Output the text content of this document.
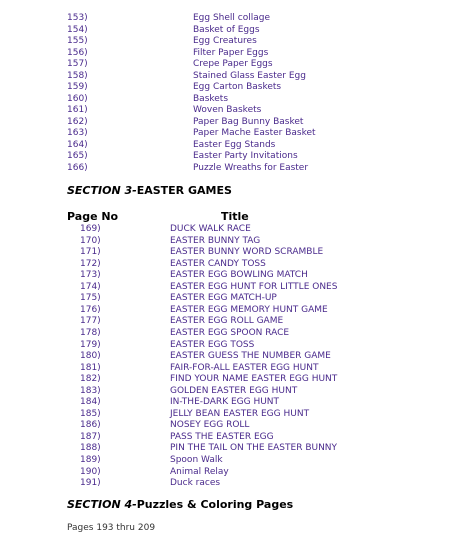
153)	Egg Shell collage
154)	Basket of Eggs
155)	Egg Creatures
156)	Filter Paper Eggs
157)	Crepe Paper Eggs
158)	Stained Glass Easter Egg
159)	Egg Carton Baskets
160)	Baskets
161)	Woven Baskets
162)	Paper Bag Bunny Basket
163)	Paper Mache Easter Basket
164)	Easter Egg Stands
165)	Easter Party Invitations
166)	Puzzle Wreaths for Easter
SECTION 3-EASTER GAMES
Page No	Title
169)	DUCK WALK RACE
170)	EASTER BUNNY TAG
171)	EASTER BUNNY WORD SCRAMBLE
172)	EASTER CANDY TOSS
173)	EASTER EGG BOWLING MATCH
174)	EASTER EGG HUNT FOR LITTLE ONES
175)	EASTER EGG MATCH-UP
176)	EASTER EGG MEMORY HUNT GAME
177)	EASTER EGG ROLL GAME
178)	EASTER EGG SPOON RACE
179)	EASTER EGG TOSS
180)	EASTER GUESS THE NUMBER GAME
181)	FAIR-FOR-ALL EASTER EGG HUNT
182)	FIND YOUR NAME EASTER EGG HUNT
183)	GOLDEN EASTER EGG HUNT
184)	IN-THE-DARK EGG HUNT
185)	JELLY BEAN EASTER EGG HUNT
186)	NOSEY EGG ROLL
187)	PASS THE EASTER EGG
188)	PIN THE TAIL ON THE EASTER BUNNY
189)	Spoon Walk
190)	Animal Relay
191)	Duck races
SECTION 4-Puzzles & Coloring Pages
Pages 193 thru 209
